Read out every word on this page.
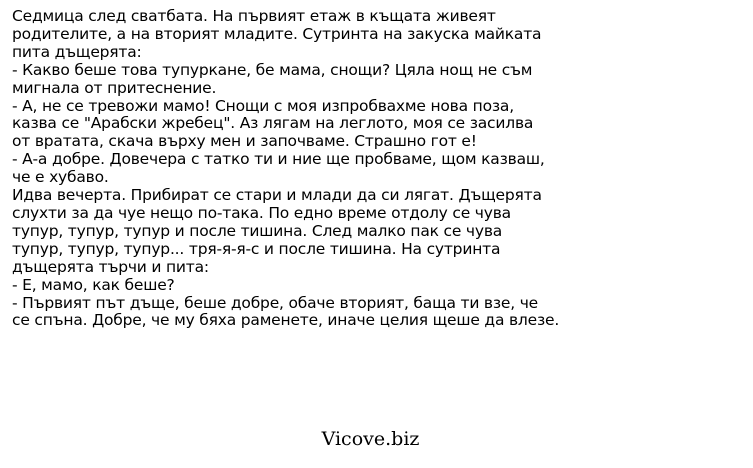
Седмица след сватбата. На първият етаж в къщата живеят
родителите, а на вторият младите. Сутринта на закуска майката
пита дъщерята:
- Какво беше това тупуркане, бе мама, снощи? Цяла нощ не съм
мигнала от притеснение.
- А, не се тревожи мамо! Снощи с моя изпробвахме нова поза,
казва се "Арабски жребец". Аз лягам на леглото, моя се засилва
от вратата, скача върху мен и започваме. Страшно гот е!
- А-а добре. Довечера с татко ти и ние ще пробваме, щом казваш,
че е хубаво.
Идва вечерта. Прибират се стари и млади да си лягат. Дъщерята
слухти за да чуе нещо по-така. По едно време отдолу се чува
тупур, тупур, тупур и после тишина. След малко пак се чува
тупур, тупур, тупур... тря-я-я-с и после тишина. На сутринта
дъщерята търчи и пита:
- Е, мамо, как беше?
- Първият път дъще, беше добре, обаче вторият, баща ти взе, че
се спъна. Добре, че му бяха раменете, иначе целия щеше да влезе.
Vicove.biz
